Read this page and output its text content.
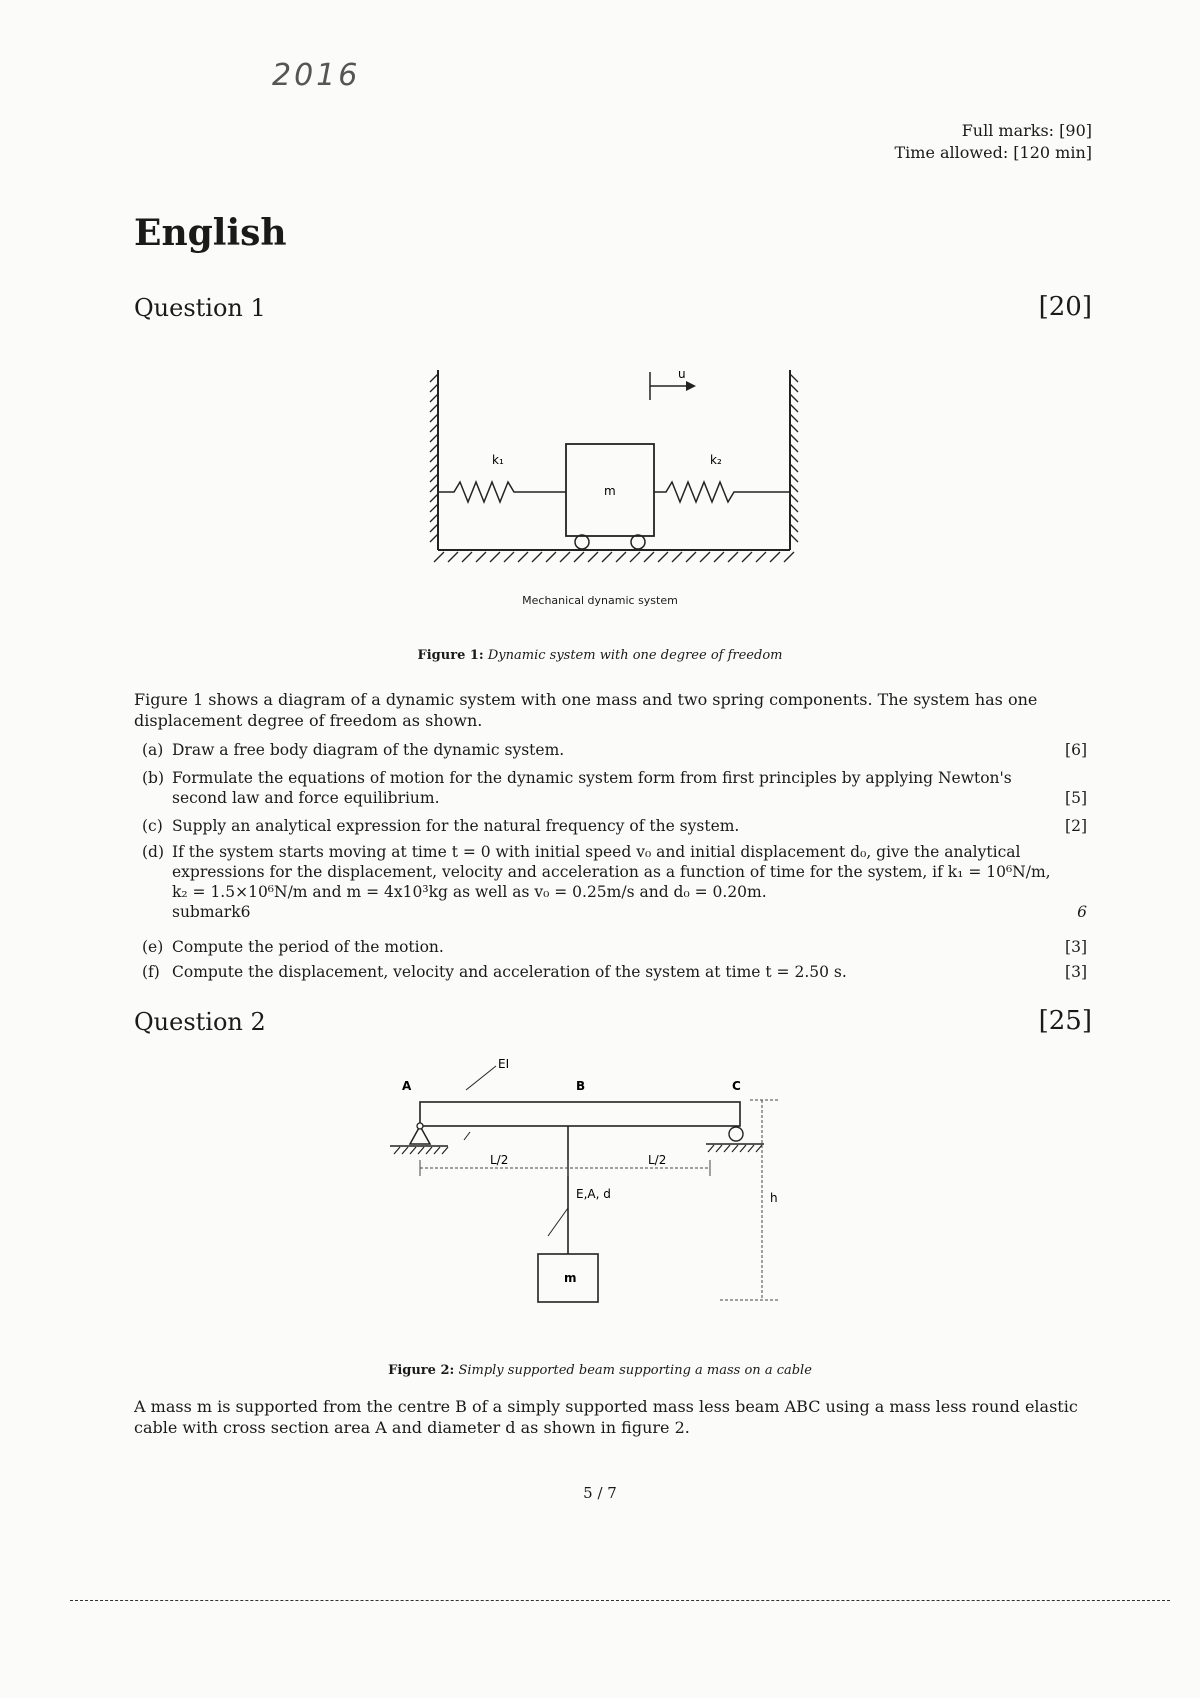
2016
Full marks: [90]
Time allowed: [120 min]
English
Question 1	[20]
u
k₁	k₂
m
Mechanical dynamic system
Figure 1: Dynamic system with one degree of freedom
Figure 1 shows a diagram of a dynamic system with one mass and two spring components. The system has one displacement degree of freedom as shown.
(a) Draw a free body diagram of the dynamic system.	[6]
(b) Formulate the equations of motion for the dynamic system form from first principles by applying Newton's second law and force equilibrium.	[5]
(c) Supply an analytical expression for the natural frequency of the system.	[2]
(d) If the system starts moving at time t = 0 with initial speed v₀ and initial displacement d₀, give the analytical expressions for the displacement, velocity and acceleration as a function of time for the system, if k₁ = 10⁶N/m, k₂ = 1.5×10⁶N/m and m = 4x10³kg as well as v₀ = 0.25m/s and d₀ = 0.20m.
submark6	6
(e) Compute the period of the motion.	[3]
(f) Compute the displacement, velocity and acceleration of the system at time t = 2.50 s.	[3]
Question 2	[25]
A	B	C
EI
L/2	L/2
E,A, d
m
h
Figure 2: Simply supported beam supporting a mass on a cable
A mass m is supported from the centre B of a simply supported mass less beam ABC using a mass less round elastic cable with cross section area A and diameter d as shown in figure 2.
5 / 7
